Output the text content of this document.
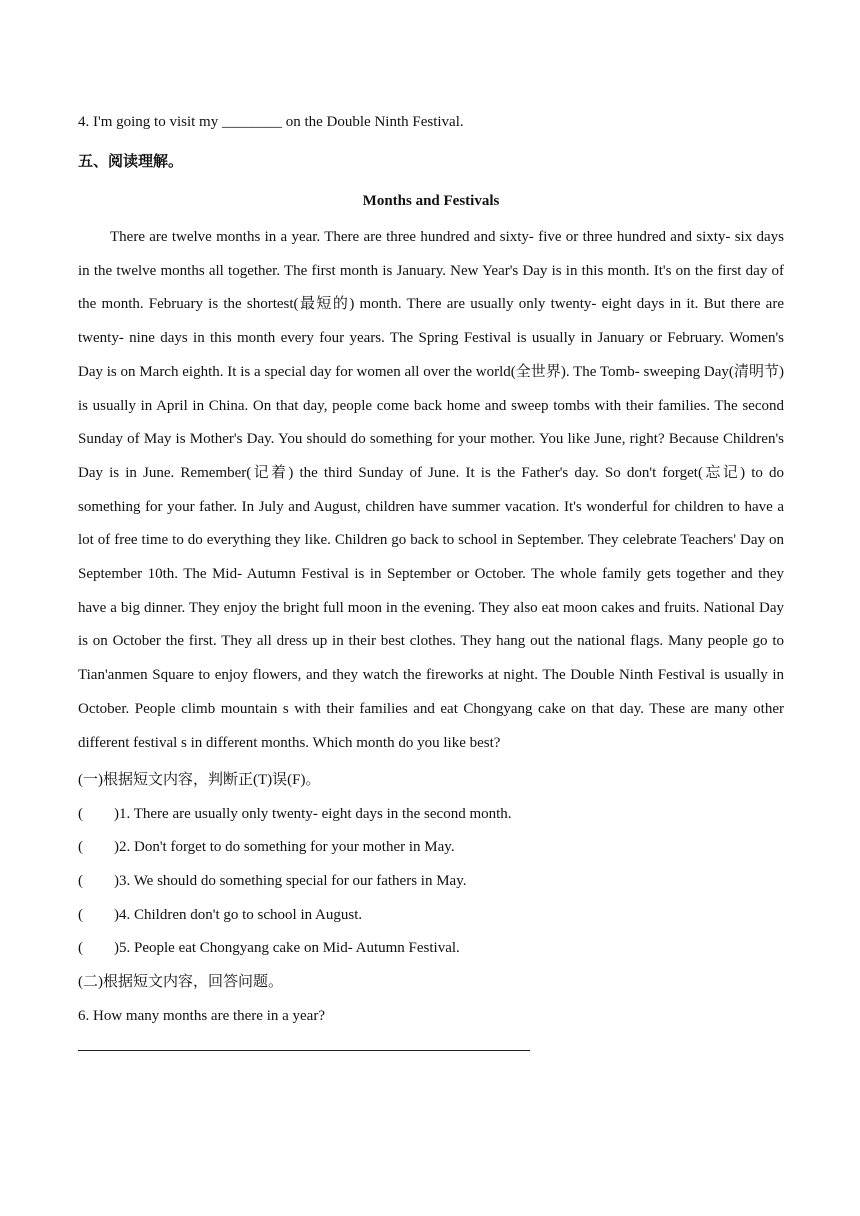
4. I'm going to visit my ________ on the Double Ninth Festival.
五、阅读理解。
Months and Festivals

There are twelve months in a year. There are three hundred and sixty- five or three hundred and sixty- six days in the twelve months all together. The first month is January. New Year's Day is in this month. It's on the first day of the month. February is the shortest(最短的) month. There are usually only twenty- eight days in it. But there are twenty- nine days in this month every four years. The Spring Festival is usually in January or February. Women's Day is on March eighth. It is a special day for women all over the world(全世界). The Tomb- sweeping Day(清明节) is usually in April in China. On that day, people come back home and sweep tombs with their families. The second Sunday of May is Mother's Day. You should do something for your mother. You like June, right? Because Children's Day is in June. Remember(记着) the third Sunday of June. It is the Father's day. So don't forget(忘记) to do something for your father. In July and August, children have summer vacation. It's wonderful for children to have a lot of free time to do everything they like. Children go back to school in September. They celebrate Teachers' Day on September 10th. The Mid- Autumn Festival is in September or October. The whole family gets together and they have a big dinner. They enjoy the bright full moon in the evening. They also eat moon cakes and fruits. National Day is on October the first. They all dress up in their best clothes. They hang out the national flags. Many people go to Tian'anmen Square to enjoy flowers, and they watch the fireworks at night. The Double Ninth Festival is usually in October. People climb mountain s with their families and eat Chongyang cake on that day. These are many other different festival s in different months. Which month do you like best?

(一)根据短文内容，判断正(T)误(F)。
(	)1. There are usually only twenty- eight days in the second month.
(	)2. Don't forget to do something for your mother in May.
(	)3. We should do something special for our fathers in May.
(	)4. Children don't go to school in August.
(	)5. People eat Chongyang cake on Mid- Autumn Festival.
(二)根据短文内容，回答问题。
6. How many months are there in a year?
